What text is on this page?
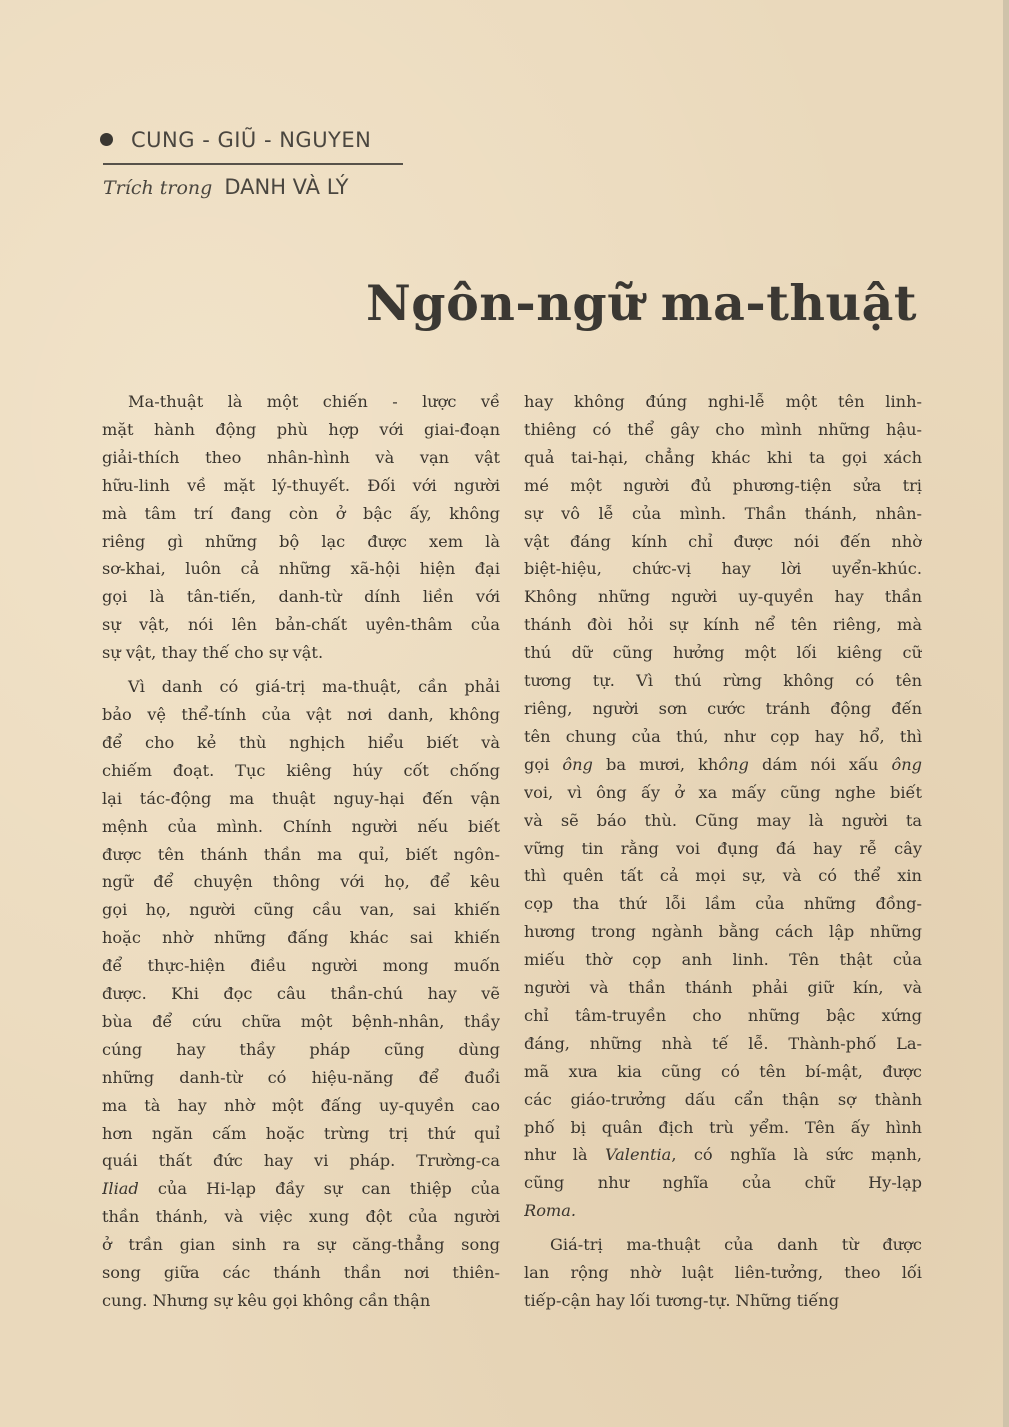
CUNG - GIŨ - NGUYEN
Trích trong DANH VÀ LÝ
Ngôn-ngữ ma-thuật
Ma-thuật là một chiến - lược về
mặt hành động phù hợp với giai-đoạn
giải-thích theo nhân-hình và vạn vật
hữu-linh về mặt lý-thuyết. Đối với người
mà tâm trí đang còn ở bậc ấy, không
riêng gì những bộ lạc được xem là
sơ-khai, luôn cả những xã-hội hiện đại
gọi là tân-tiến, danh-từ dính liền với
sự vật, nói lên bản-chất uyên-thâm của
sự vật, thay thế cho sự vật.
Vì danh có giá-trị ma-thuật, cần phải
bảo vệ thể-tính của vật nơi danh, không
để cho kẻ thù nghịch hiểu biết và
chiếm đoạt. Tục kiêng húy cốt chống
lại tác-động ma thuật nguy-hại đến vận
mệnh của mình. Chính người nếu biết
được tên thánh thần ma quỉ, biết ngôn-
ngữ để chuyện thông với họ, để kêu
gọi họ, người cũng cầu van, sai khiến
hoặc nhờ những đấng khác sai khiến
để thực-hiện điều người mong muốn
được. Khi đọc câu thần-chú hay vẽ
bùa để cứu chữa một bệnh-nhân, thầy
cúng hay thầy pháp cũng dùng
những danh-từ có hiệu-năng để đuổi
ma tà hay nhờ một đấng uy-quyền cao
hơn ngăn cấm hoặc trừng trị thứ quỉ
quái thất đức hay vi pháp. Trường-ca
Iliad của Hi-lạp đầy sự can thiệp của
thần thánh, và việc xung đột của người
ở trần gian sinh ra sự căng-thẳng song
song giữa các thánh thần nơi thiên-
cung. Nhưng sự kêu gọi không cần thận
hay không đúng nghi-lễ một tên linh-
thiêng có thể gây cho mình những hậu-
quả tai-hại, chẳng khác khi ta gọi xách
mé một người đủ phương-tiện sửa trị
sự vô lễ của mình. Thần thánh, nhân-
vật đáng kính chỉ được nói đến nhờ
biệt-hiệu, chức-vị hay lời uyển-khúc.
Không những người uy-quyền hay thần
thánh đòi hỏi sự kính nể tên riêng, mà
thú dữ cũng hưởng một lối kiêng cữ
tương tự. Vì thú rừng không có tên
riêng, người sơn cước tránh động đến
tên chung của thú, như cọp hay hổ, thì
gọi ông ba mươi, không dám nói xấu ông
voi, vì ông ấy ở xa mấy cũng nghe biết
và sẽ báo thù. Cũng may là người ta
vững tin rằng voi đụng đá hay rễ cây
thì quên tất cả mọi sự, và có thể xin
cọp tha thứ lỗi lầm của những đồng-
hương trong ngành bằng cách lập những
miếu thờ cọp anh linh. Tên thật của
người và thần thánh phải giữ kín, và
chỉ tâm-truyền cho những bậc xứng
đáng, những nhà tế lễ. Thành-phố La-
mã xưa kia cũng có tên bí-mật, được
các giáo-trưởng dấu cẩn thận sợ thành
phố bị quân địch trù yểm. Tên ấy hình
như là Valentia, có nghĩa là sức mạnh,
cũng như nghĩa của chữ Hy-lạp
Roma.
Giá-trị ma-thuật của danh từ được
lan rộng nhờ luật liên-tưởng, theo lối
tiếp-cận hay lối tương-tự. Những tiếng
